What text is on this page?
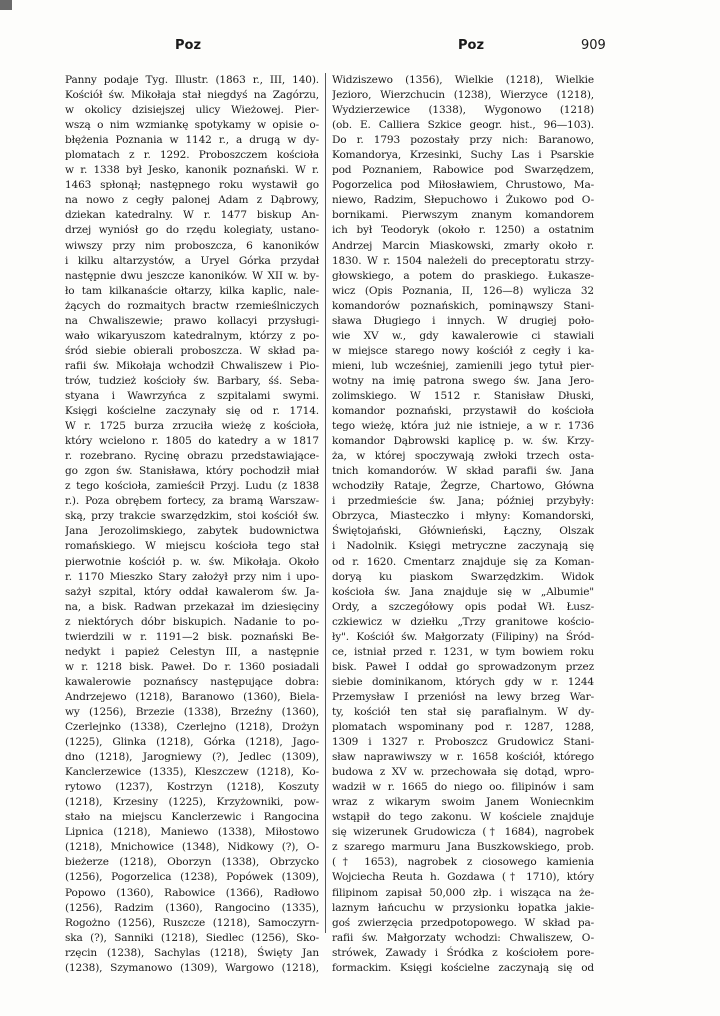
Poz	Poz	909
Panny podaje Tyg. Illustr. (1863 r., III, 140).
Kościół św. Mikołaja stał niegdyś na Zagórzu,
w okolicy dzisiejszej ulicy Wieżowej. Pier-
wszą o nim wzmiankę spotykamy w opisie o-
błężenia Poznania w 1142 r., a drugą w dy-
plomatach z r. 1292. Proboszczem kościoła
w r. 1338 był Jesko, kanonik poznański. W r.
1463 spłonął; następnego roku wystawił go
na nowo z cegły palonej Adam z Dąbrowy,
dziekan katedralny. W r. 1477 biskup An-
drzej wyniósł go do rzędu kolegiaty, ustano-
wiwszy przy nim proboszcza, 6 kanoników
i kilku altarzystów, a Uryel Górka przydał
następnie dwu jeszcze kanoników. W XII w. by-
ło tam kilkanaście ołtarzy, kilka kaplic, nale-
żących do rozmaitych bractw rzemieślniczych
na Chwaliszewie; prawo kollacyi przysługi-
wało wikaryuszom katedralnym, którzy z po-
śród siebie obierali proboszcza. W skład pa-
rafii św. Mikołaja wchodził Chwaliszew i Pio-
trów, tudzież kościoły św. Barbary, śś. Seba-
styana i Wawrzyńca z szpitalami swymi.
Księgi kościelne zaczynały się od r. 1714.
W r. 1725 burza zrzuciła wieżę z kościoła,
który wcielono r. 1805 do katedry a w 1817
r. rozebrano. Rycinę obrazu przedstawiające-
go zgon św. Stanisława, który pochodził miał
z tego kościoła, zamieścił Przyj. Ludu (z 1838
r.). Poza obrębem fortecy, za bramą Warszaw-
ską, przy trakcie swarzędzkim, stoi kościół św.
Jana Jerozolimskiego, zabytek budownictwa
romańskiego. W miejscu kościoła tego stał
pierwotnie kościół p. w. św. Mikołaja. Około
r. 1170 Mieszko Stary założył przy nim i upo-
sażył szpital, który oddał kawalerom św. Ja-
na, a bisk. Radwan przekazał im dziesięciny
z niektórych dóbr biskupich. Nadanie to po-
twierdzili w r. 1191—2 bisk. poznański Be-
nedykt i papież Celestyn III, a następnie
w r. 1218 bisk. Paweł. Do r. 1360 posiadali
kawalerowie poznańscy następujące dobra:
Andrzejewo (1218), Baranowo (1360), Biela-
wy (1256), Brzezie (1338), Brzeźny (1360),
Czerlejnko (1338), Czerlejno (1218), Drożyn
(1225), Glinka (1218), Górka (1218), Jago-
dno (1218), Jarogniewy (?), Jedlec (1309),
Kanclerzewice (1335), Kleszczew (1218), Ko-
rytowo (1237), Kostrzyn (1218), Koszuty
(1218), Krzesiny (1225), Krzyżowniki, pow-
stało na miejscu Kanclerzewic i Rangocina
Lipnica (1218), Maniewo (1338), Miłostowo
(1218), Mnichowice (1348), Nidkowy (?), O-
bieżerze (1218), Oborzyn (1338), Obrzycko
(1256), Pogorzelica (1238), Popówek (1309),
Popowo (1360), Rabowice (1366), Radłowo
(1256), Radzim (1360), Rangocino (1335),
Rogożno (1256), Ruszcze (1218), Samoczyrn-
ska (?), Sanniki (1218), Siedlec (1256), Sko-
rzęcin (1238), Sachylas (1218), Święty Jan
(1238), Szymanowo (1309), Wargowo (1218),
Widziszewo (1356), Wielkie (1218), Wielkie
Jezioro, Wierzchucin (1238), Wierzyce (1218),
Wydzierzewice (1338), Wygonowo (1218)
(ob. E. Calliera Szkice geogr. hist., 96—103).
Do r. 1793 pozostały przy nich: Baranowo,
Komandorya, Krzesinki, Suchy Las i Psarskie
pod Poznaniem, Rabowice pod Swarzędzem,
Pogorzelica pod Miłosławiem, Chrustowo, Ma-
niewo, Radzim, Słepuchowo i Żukowo pod O-
bornikami. Pierwszym znanym komandorem
ich był Teodoryk (około r. 1250) a ostatnim
Andrzej Marcin Miaskowski, zmarły około r.
1830. W r. 1504 należeli do preceptoratu strzy-
głowskiego, a potem do praskiego. Łukasze-
wicz (Opis Poznania, II, 126—8) wylicza 32
komandorów poznańskich, pominąwszy Stani-
sława Długiego i innych. W drugiej poło-
wie XV w., gdy kawalerowie ci stawiali
w miejsce starego nowy kościół z cegły i ka-
mieni, lub wcześniej, zamienili jego tytuł pier-
wotny na imię patrona swego św. Jana Jero-
zolimskiego. W 1512 r. Stanisław Dłuski,
komandor poznański, przystawił do kościoła
tego wieżę, która już nie istnieje, a w r. 1736
komandor Dąbrowski kaplicę p. w. św. Krzy-
ża, w której spoczywają zwłoki trzech osta-
tnich komandorów. W skład parafii św. Jana
wchodziły Rataje, Żegrze, Chartowo, Główna
i przedmieście św. Jana; później przybyły:
Obrzyca, Miasteczko i młyny: Komandorski,
Świętojański, Głównieński, Łączny, Olszak
i Nadolnik. Księgi metryczne zaczynają się
od r. 1620. Cmentarz znajduje się za Koman-
doryą ku piaskom Swarzędzkim. Widok
kościoła św. Jana znajduje się w „Albumie"
Ordy, a szczegółowy opis podał Wł. Łusz-
czkiewicz w dziełku „Trzy granitowe kościo-
ły". Kościół św. Małgorzaty (Filipiny) na Śród-
ce, istniał przed r. 1231, w tym bowiem roku
bisk. Paweł I oddał go sprowadzonym przez
siebie dominikanom, których gdy w r. 1244
Przemysław I przeniósł na lewy brzeg War-
ty, kościół ten stał się parafialnym. W dy-
plomatach wspominany pod r. 1287, 1288,
1309 i 1327 r. Proboszcz Grudowicz Stani-
sław naprawiwszy w r. 1658 kościół, którego
budowa z XV w. przechowała się dotąd, wpro-
wadził w r. 1665 do niego oo. filipinów i sam
wraz z wikarym swoim Janem Woniecnkim
wstąpił do tego zakonu. W kościele znajduje
się wizerunek Grudowicza († 1684), nagrobek
z szarego marmuru Jana Buszkowskiego, prob.
(† 1653), nagrobek z ciosowego kamienia
Wojciecha Reuta h. Gozdawa († 1710), który
filipinom zapisał 50,000 złp. i wisząca na że-
laznym łańcuchu w przysionku łopatka jakie-
goś zwierzęcia przedpotopowego. W skład pa-
rafii św. Małgorzaty wchodzi: Chwaliszew, O-
strówek, Zawady i Śródka z kościołem pore-
formackim. Księgi kościelne zaczynają się od
